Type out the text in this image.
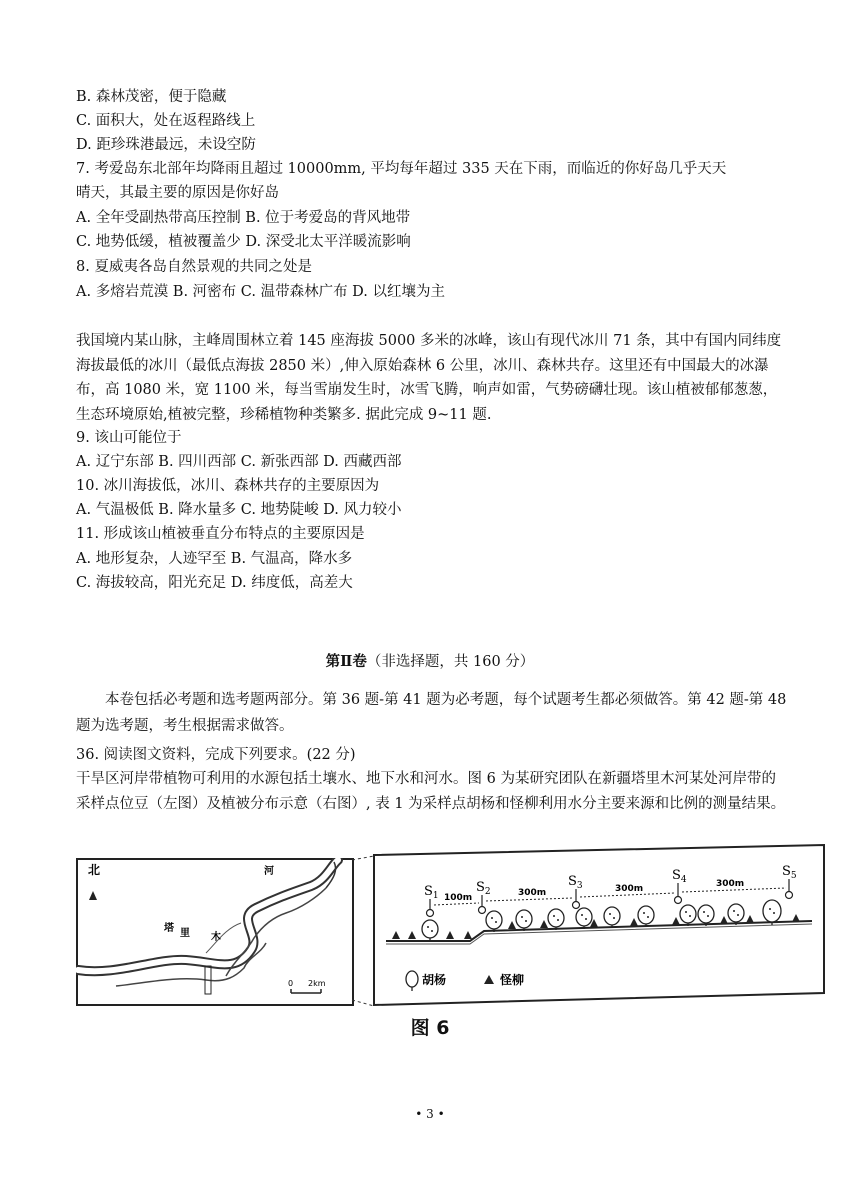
B. 森林茂密，便于隐藏
C. 面积大，处在返程路线上
D. 距珍珠港最远，未设空防
7. 考爱岛东北部年均降雨且超过 10000mm, 平均每年超过 335 天在下雨，而临近的你好岛几乎天天
晴天，其最主要的原因是你好岛
A. 全年受副热带高压控制 B. 位于考爱岛的背风地带
C. 地势低缓，植被覆盖少 D. 深受北太平洋暖流影响
8. 夏威夷各岛自然景观的共同之处是
A. 多熔岩荒漠 B. 河密布 C. 温带森林广布 D. 以红壤为主
我国境内某山脉，主峰周围林立着 145 座海拔 5000 多米的冰峰，该山有现代冰川 71 条，其中有国内同纬度海拔最低的冰川（最低点海拔 2850 米）,伸入原始森林 6 公里，冰川、森林共存。这里还有中国最大的冰瀑布，高 1080 米，宽 1100 米，每当雪崩发生时，冰雪飞腾，响声如雷，气势磅礴壮现。该山植被郁郁葱葱，生态环境原始,植被完整，珍稀植物种类繁多. 据此完成 9~11 题.
9. 该山可能位于
A. 辽宁东部 B. 四川西部 C. 新张西部 D. 西藏西部
10. 冰川海拔低，冰川、森林共存的主要原因为
A. 气温极低 B. 降水量多 C. 地势陡峻 D. 风力较小
11. 形成该山植被垂直分布特点的主要原因是
A. 地形复杂，人迹罕至 B. 气温高，降水多
C. 海拔较高，阳光充足 D. 纬度低，高差大
第Ⅱ卷（非选择题，共 160 分）
本卷包括必考题和选考题两部分。第 36 题-第 41 题为必考题，每个试题考生都必须做答。第 42 题-第 48 题为选考题，考生根据需求做答。
36. 阅读图文资料，完成下列要求。(22 分)
干旱区河岸带植物可利用的水源包括土壤水、地下水和河水。图 6 为某研究团队在新疆塔里木河某处河岸带的采样点位豆（左图）及植被分布示意（右图）, 表 1 为采样点胡杨和怪柳利用水分主要来源和比例的测量结果。
北
塔 里 木
河
0 2km
$S_1$
$S_2$
$S_3$
$S_4$
$S_5$
100m	300m	300m	300m
胡杨	怪柳
图 6
• 3 •
